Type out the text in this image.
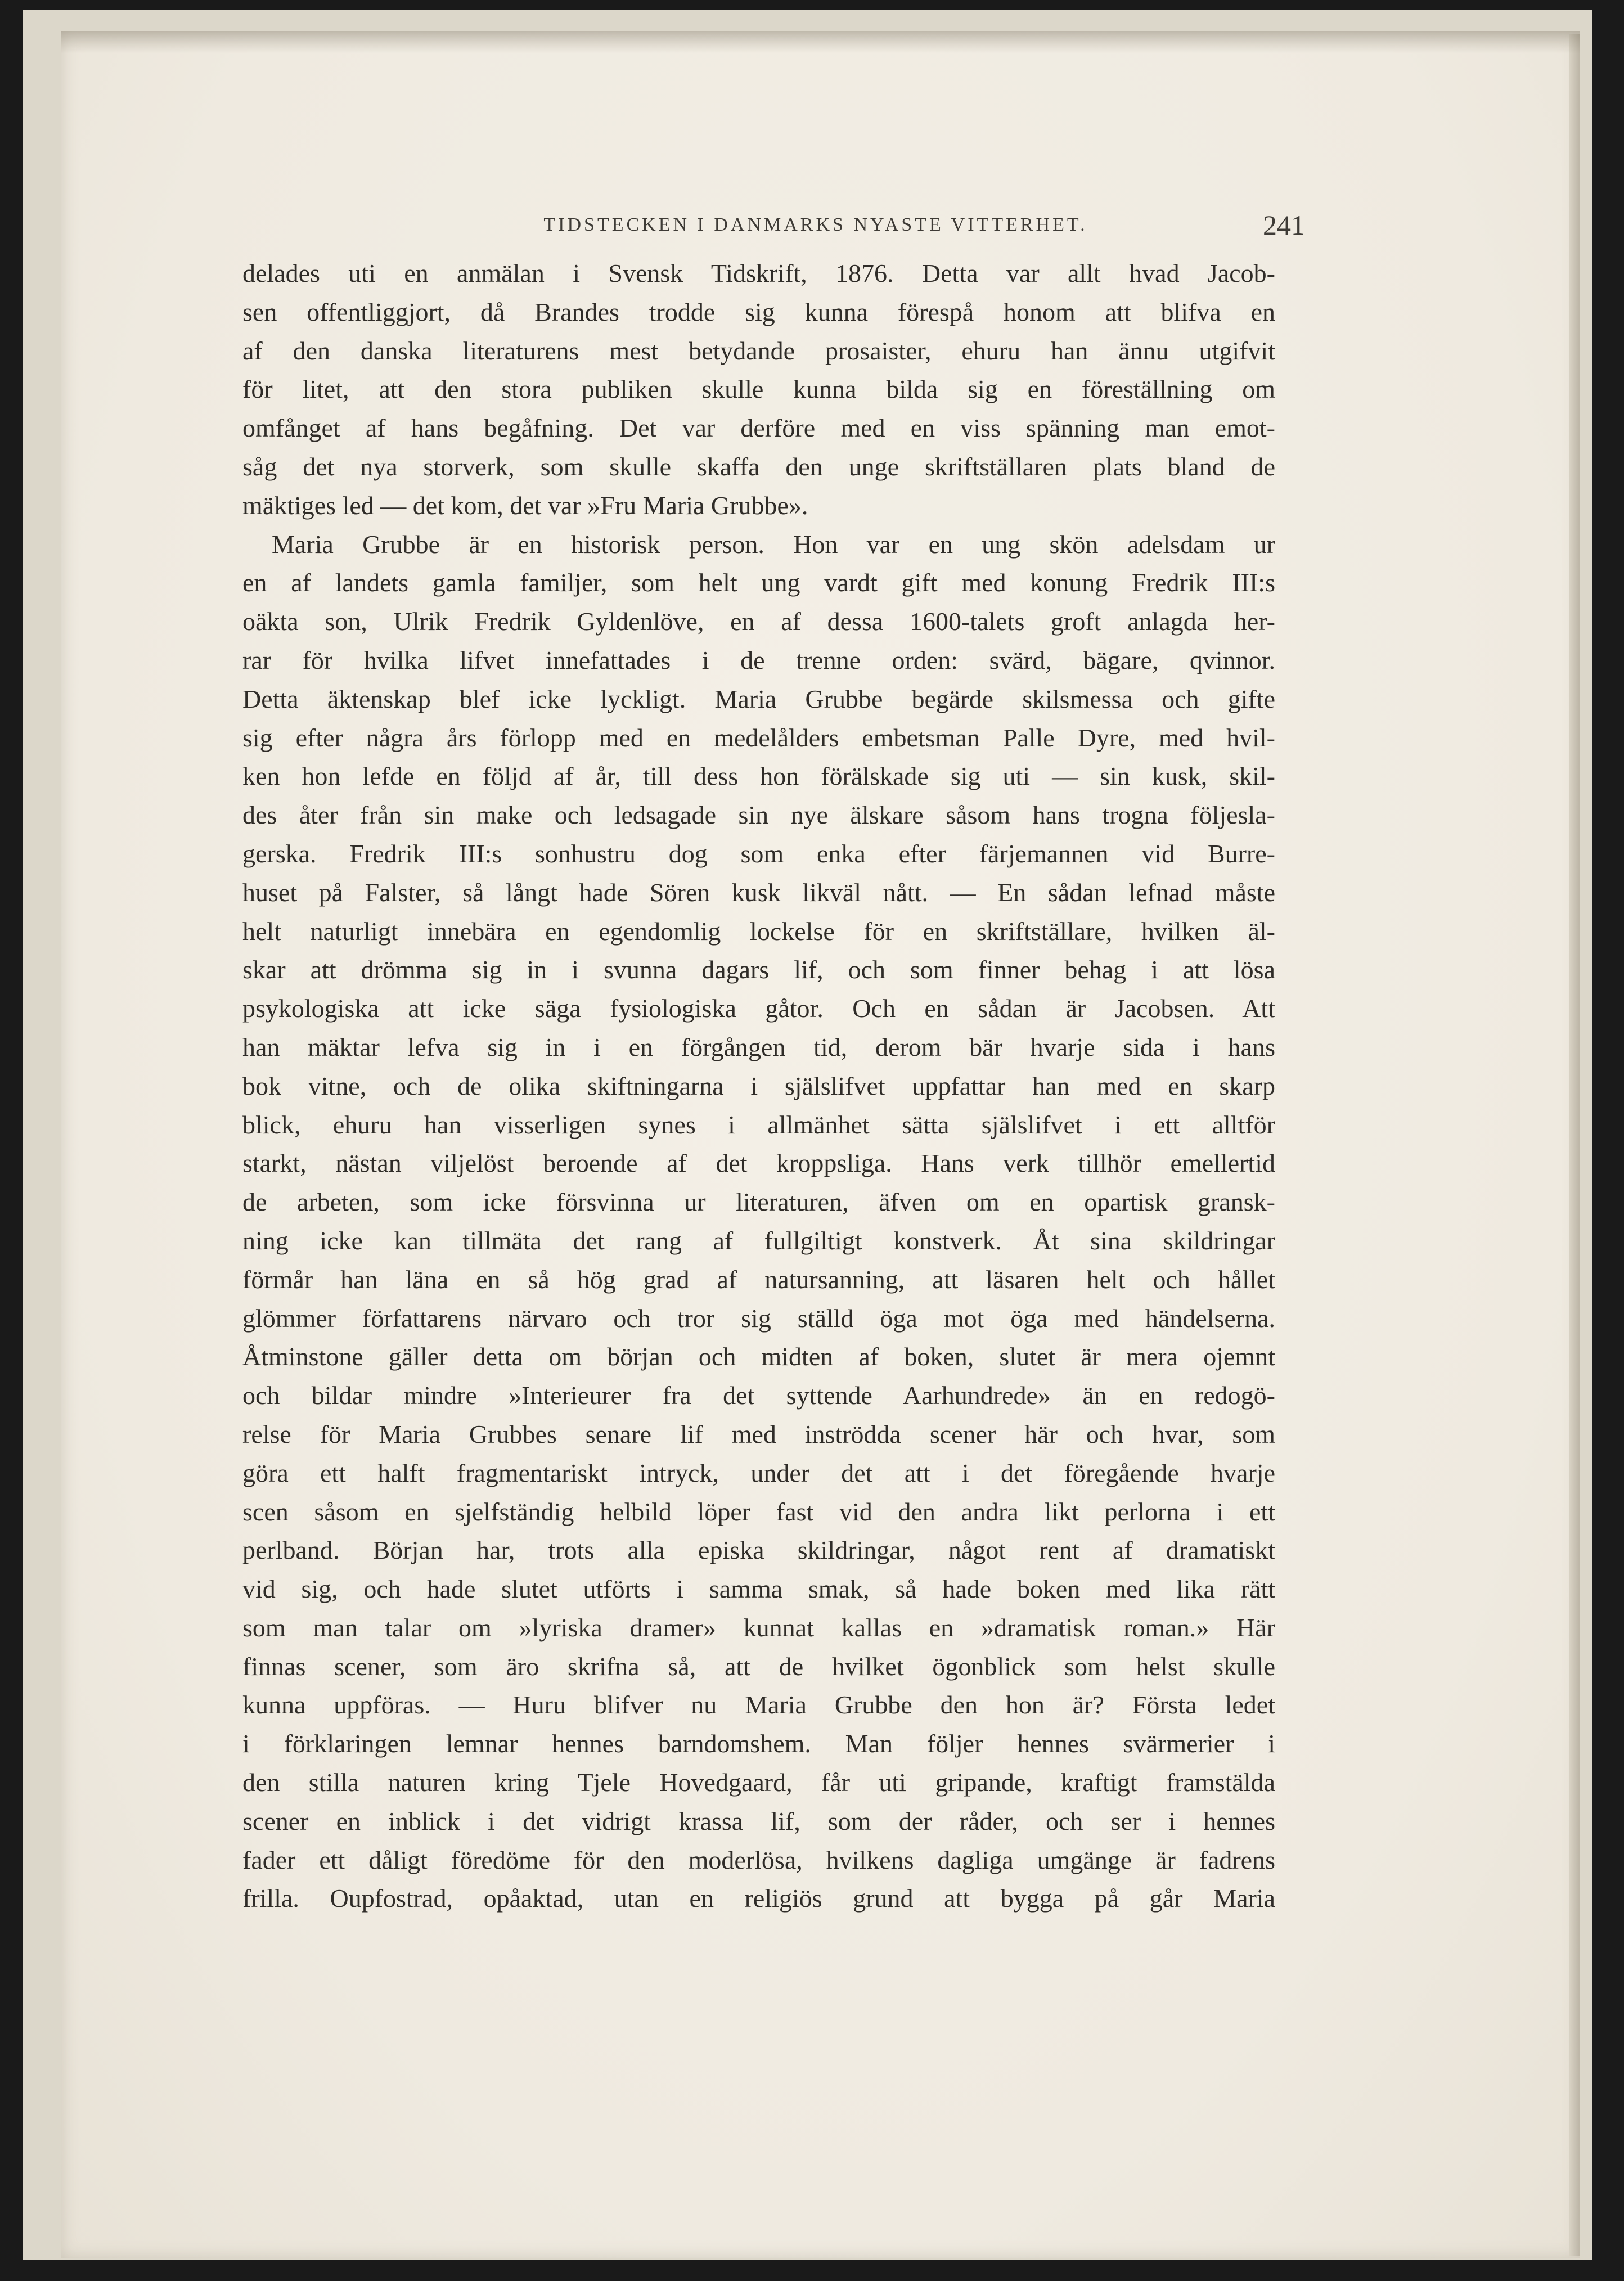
TIDSTECKEN I DANMARKS NYASTE VITTERHET.	241
delades uti en anmälan i Svensk Tidskrift, 1876. Detta var allt hvad Jacob-
sen offentliggjort, då Brandes trodde sig kunna förespå honom att blifva en
af den danska literaturens mest betydande prosaister, ehuru han ännu utgifvit
för litet, att den stora publiken skulle kunna bilda sig en föreställning om
omfånget af hans begåfning. Det var derföre med en viss spänning man emot-
såg det nya storverk, som skulle skaffa den unge skriftställaren plats bland de
mäktiges led — det kom, det var »Fru Maria Grubbe».
Maria Grubbe är en historisk person. Hon var en ung skön adelsdam ur
en af landets gamla familjer, som helt ung vardt gift med konung Fredrik III:s
oäkta son, Ulrik Fredrik Gyldenlöve, en af dessa 1600-talets groft anlagda her-
rar för hvilka lifvet innefattades i de trenne orden: svärd, bägare, qvinnor.
Detta äktenskap blef icke lyckligt. Maria Grubbe begärde skilsmessa och gifte
sig efter några års förlopp med en medelålders embetsman Palle Dyre, med hvil-
ken hon lefde en följd af år, till dess hon förälskade sig uti — sin kusk, skil-
des åter från sin make och ledsagade sin nye älskare såsom hans trogna följesla-
gerska. Fredrik III:s sonhustru dog som enka efter färjemannen vid Burre-
huset på Falster, så långt hade Sören kusk likväl nått. — En sådan lefnad måste
helt naturligt innebära en egendomlig lockelse för en skriftställare, hvilken äl-
skar att drömma sig in i svunna dagars lif, och som finner behag i att lösa
psykologiska att icke säga fysiologiska gåtor. Och en sådan är Jacobsen. Att
han mäktar lefva sig in i en förgången tid, derom bär hvarje sida i hans
bok vitne, och de olika skiftningarna i själslifvet uppfattar han med en skarp
blick, ehuru han visserligen synes i allmänhet sätta själslifvet i ett alltför
starkt, nästan viljelöst beroende af det kroppsliga. Hans verk tillhör emellertid
de arbeten, som icke försvinna ur literaturen, äfven om en opartisk gransk-
ning icke kan tillmäta det rang af fullgiltigt konstverk. Åt sina skildringar
förmår han läna en så hög grad af natursanning, att läsaren helt och hållet
glömmer författarens närvaro och tror sig ställd öga mot öga med händelserna.
Åtminstone gäller detta om början och midten af boken, slutet är mera ojemnt
och bildar mindre »Interieurer fra det syttende Aarhundrede» än en redogö-
relse för Maria Grubbes senare lif med inströdda scener här och hvar, som
göra ett halft fragmentariskt intryck, under det att i det föregående hvarje
scen såsom en sjelfständig helbild löper fast vid den andra likt perlorna i ett
perlband. Början har, trots alla episka skildringar, något rent af dramatiskt
vid sig, och hade slutet utförts i samma smak, så hade boken med lika rätt
som man talar om »lyriska dramer» kunnat kallas en »dramatisk roman.» Här
finnas scener, som äro skrifna så, att de hvilket ögonblick som helst skulle
kunna uppföras. — Huru blifver nu Maria Grubbe den hon är? Första ledet
i förklaringen lemnar hennes barndomshem. Man följer hennes svärmerier i
den stilla naturen kring Tjele Hovedgaard, får uti gripande, kraftigt framstälda
scener en inblick i det vidrigt krassa lif, som der råder, och ser i hennes
fader ett dåligt föredöme för den moderlösa, hvilkens dagliga umgänge är fadrens
frilla. Oupfostrad, opåaktad, utan en religiös grund att bygga på går Maria
